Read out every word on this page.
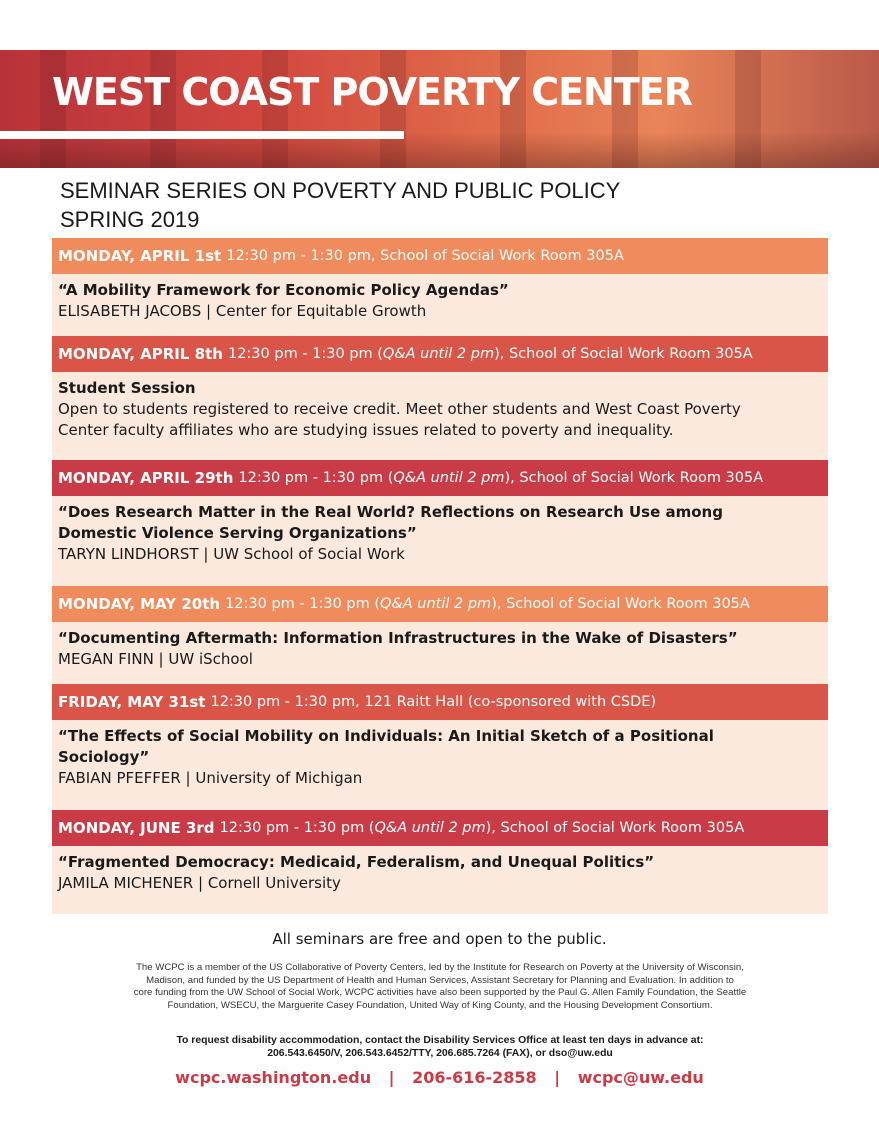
WEST COAST POVERTY CENTER
SEMINAR SERIES ON POVERTY AND PUBLIC POLICY
SPRING 2019
MONDAY, APRIL 1st 12:30 pm - 1:30 pm, School of Social Work Room 305A
“A Mobility Framework for Economic Policy Agendas”
ELISABETH JACOBS | Center for Equitable Growth
MONDAY, APRIL 8th 12:30 pm - 1:30 pm (Q&A until 2 pm), School of Social Work Room 305A
Student Session
Open to students registered to receive credit. Meet other students and West Coast Poverty
Center faculty affiliates who are studying issues related to poverty and inequality.
MONDAY, APRIL 29th 12:30 pm - 1:30 pm (Q&A until 2 pm), School of Social Work Room 305A
“Does Research Matter in the Real World? Reflections on Research Use among
Domestic Violence Serving Organizations”
TARYN LINDHORST | UW School of Social Work
MONDAY, MAY 20th 12:30 pm - 1:30 pm (Q&A until 2 pm), School of Social Work Room 305A
“Documenting Aftermath: Information Infrastructures in the Wake of Disasters”
MEGAN FINN | UW iSchool
FRIDAY, MAY 31st 12:30 pm - 1:30 pm, 121 Raitt Hall (co-sponsored with CSDE)
“The Effects of Social Mobility on Individuals: An Initial Sketch of a Positional
Sociology”
FABIAN PFEFFER | University of Michigan
MONDAY, JUNE 3rd 12:30 pm - 1:30 pm (Q&A until 2 pm), School of Social Work Room 305A
“Fragmented Democracy: Medicaid, Federalism, and Unequal Politics”
JAMILA MICHENER | Cornell University
All seminars are free and open to the public.
The WCPC is a member of the US Collaborative of Poverty Centers, led by the Institute for Research on Poverty at the University of Wisconsin,
Madison, and funded by the US Department of Health and Human Services, Assistant Secretary for Planning and Evaluation. In addition to
core funding from the UW School of Social Work, WCPC activities have also been supported by the Paul G. Allen Family Foundation, the Seattle
Foundation, WSECU, the Marguerite Casey Foundation, United Way of King County, and the Housing Development Consortium.
To request disability accommodation, contact the Disability Services Office at least ten days in advance at:
206.543.6450/V, 206.543.6452/TTY, 206.685.7264 (FAX), or dso@uw.edu
wcpc.washington.edu | 206-616-2858 | wcpc@uw.edu
